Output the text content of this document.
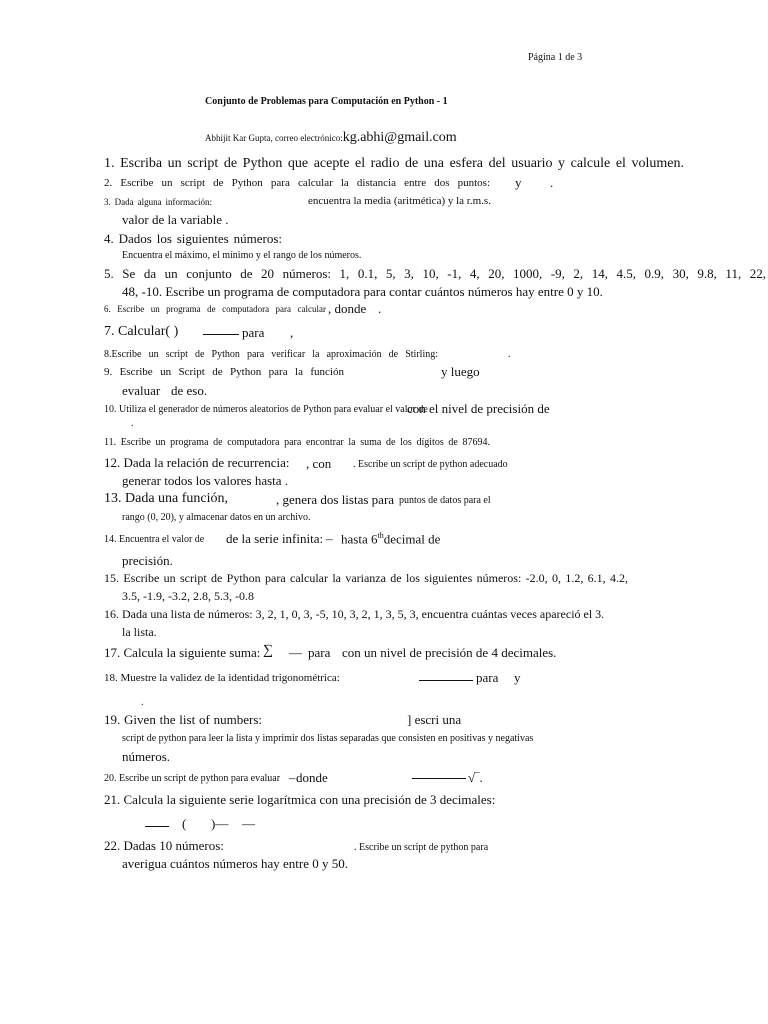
Página 1 de 3
Conjunto de Problemas para Computación en Python - 1
Abhijit Kar Gupta, correo electrónico:kg.abhi@gmail.com
1. Escriba un script de Python que acepte el radio de una esfera del usuario y calcule el volumen.
2. Escribe un script de Python para calcular la distancia entre dos puntos: y .
3. Dada alguna información:	encuentra la media (aritmética) y la r.m.s.
valor de la variable .
4. Dados los siguientes números:
Encuentra el máximo, el mínimo y el rango de los números.
5. Se da un conjunto de 20 números: 1, 0.1, 5, 3, 10, -1, 4, 20, 1000, -9, 2, 14, 4.5, 0.9, 30, 9.8, 11, 22,
48, -10. Escribe un programa de computadora para contar cuántos números hay entre 0 y 10.
6. Escribe un programa de computadora para calcular , donde .
7. Calcular( )	para ,
8.Escribe un script de Python para verificar la aproximación de Stirling:	.
9. Escribe un Script de Python para la función	y luego
evaluar de eso.
10. Utiliza el generador de números aleatorios de Python para evaluar el valor de
con el nivel de precisión de
.
11. Escribe un programa de computadora para encontrar la suma de los dígitos de 87694.
12. Dada la relación de recurrencia: , con . Escribe un script de python adecuado
generar todos los valores hasta .
13. Dada una función,	, genera dos listas para puntos de datos para el
rango (0, 20), y almacenar datos en un archivo.
14. Encuentra el valor de de la serie infinita: – hasta 6thdecimal de
precisión.
15. Escribe un script de Python para calcular la varianza de los siguientes números: -2.0, 0, 1.2, 6.1, 4.2,
3.5, -1.9, -3.2, 2.8, 5.3, -0.8
16. Dada una lista de números: 3, 2, 1, 0, 3, -5, 10, 3, 2, 1, 3, 5, 3, encuentra cuántas veces apareció el 3.
la lista.
17. Calcula la siguiente suma: ∑ — para con un nivel de precisión de 4 decimales.
18. Muestre la validez de la identidad trigonométrica:	para y
.
19. Given the list of numbers:	] escri una
script de python para leer la lista y imprimir dos listas separadas que consisten en positivas y negativas
números.
20. Escribe un script de python para evaluar – donde	√‾.
21. Calcula la siguiente serie logarítmica con una precisión de 3 decimales:
( )— —
22. Dadas 10 números:	. Escribe un script de python para
averigua cuántos números hay entre 0 y 50.
